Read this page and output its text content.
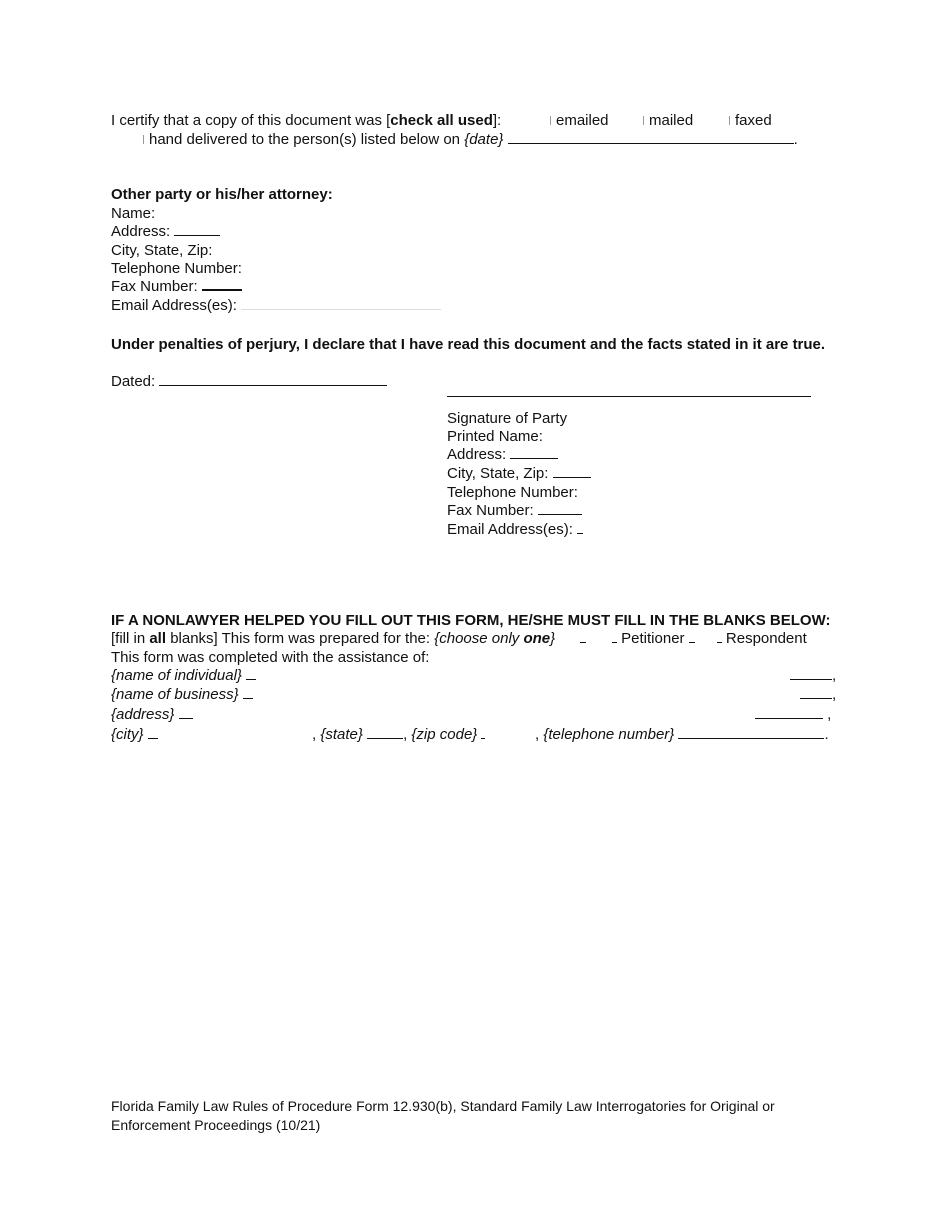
I certify that a copy of this document was [check all used]:	emailed	mailed	faxed
hand delivered to the person(s) listed below on {date}	.
Other party or his/her attorney:
Name:
Address:
City, State, Zip:
Telephone Number:
Fax Number:
Email Address(es):
Under penalties of perjury, I declare that I have read this document and the facts stated in it are true.
Dated:
Signature of Party
Printed Name:
Address:
City, State, Zip:
Telephone Number:
Fax Number:
Email Address(es):
IF A NONLAWYER HELPED YOU FILL OUT THIS FORM, HE/SHE MUST FILL IN THE BLANKS BELOW:
[fill in all blanks] This form was prepared for the: {choose only one}	Petitioner	Respondent
This form was completed with the assistance of:
{name of individual}	,
{name of business}	,
{address}	,
{city}	, {state}	, {zip code}	, {telephone number}	.
Florida Family Law Rules of Procedure Form 12.930(b), Standard Family Law Interrogatories for Original or
Enforcement Proceedings (10/21)
